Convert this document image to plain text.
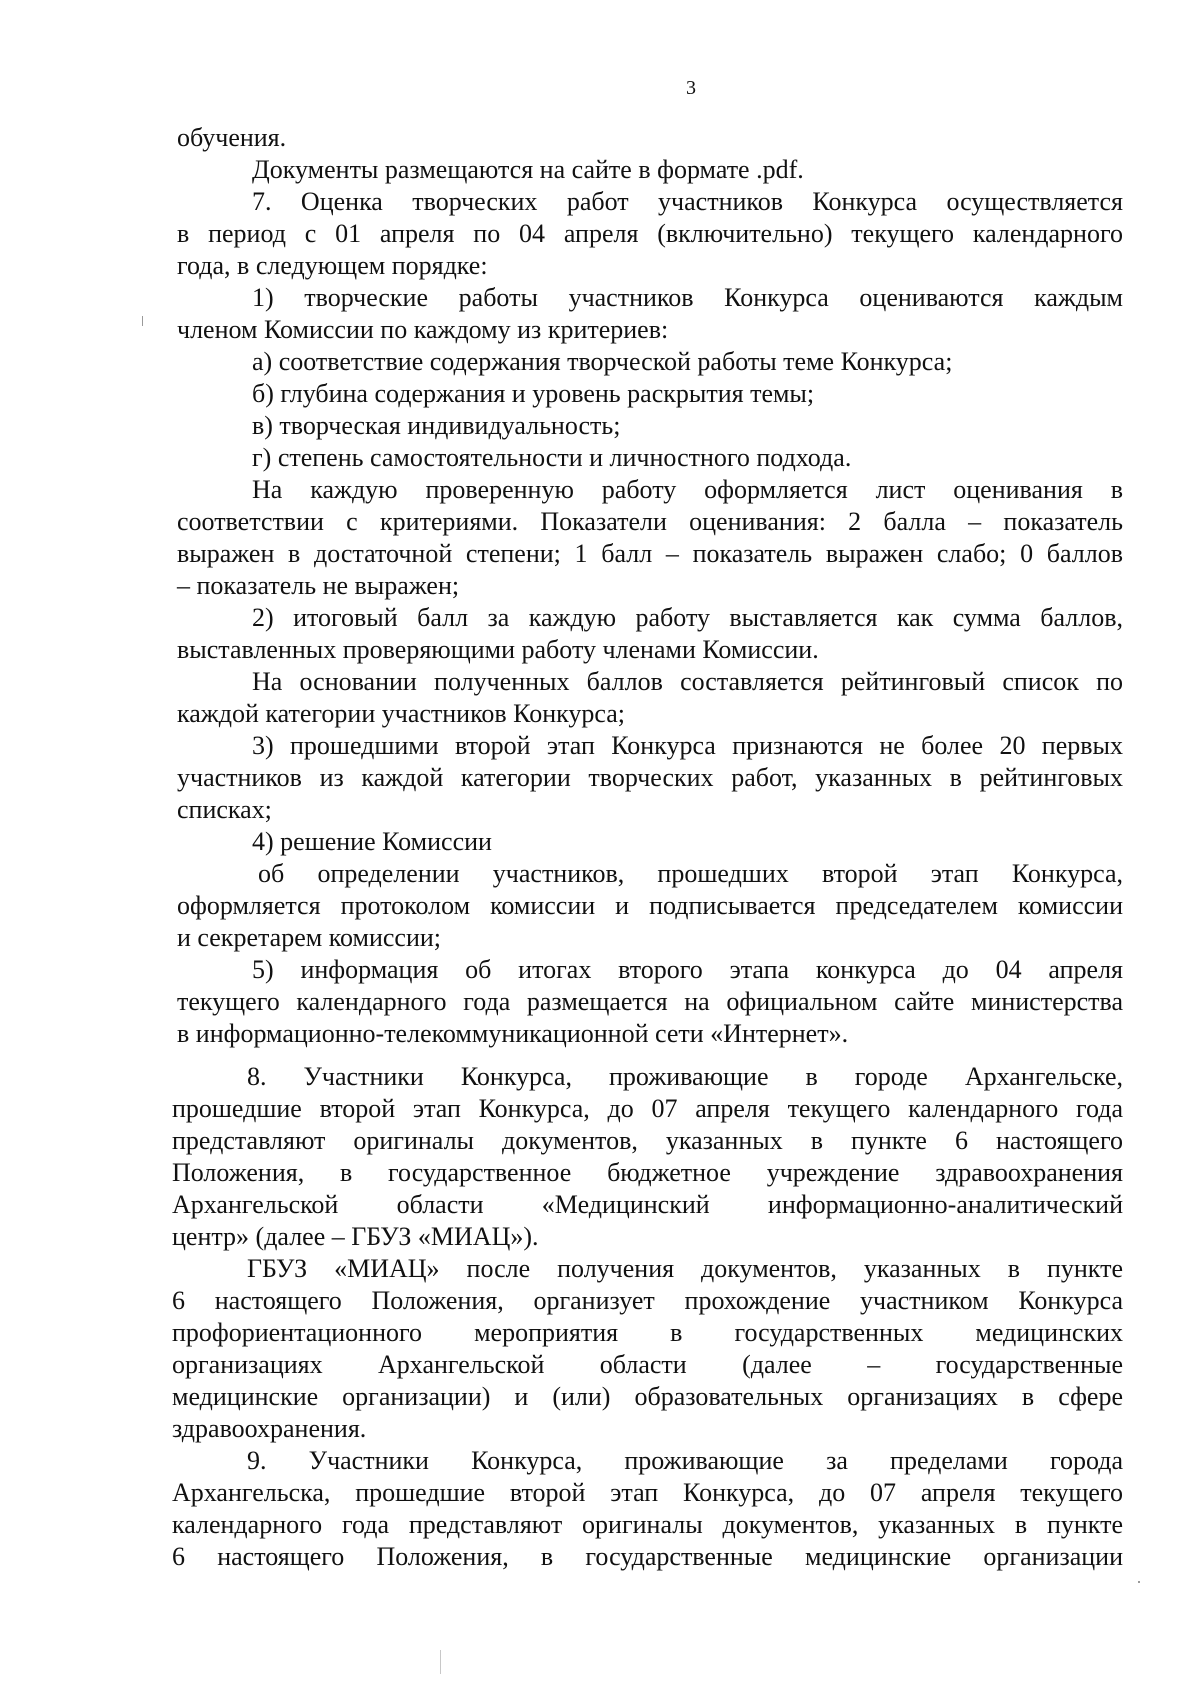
3
обучения.
Документы размещаются на сайте в формате .pdf.
7. Оценка творческих работ участников Конкурса осуществляется
в период с 01 апреля по 04 апреля (включительно) текущего календарного
года, в следующем порядке:
1) творческие работы участников Конкурса оцениваются каждым
членом Комиссии по каждому из критериев:
а) соответствие содержания творческой работы теме Конкурса;
б) глубина содержания и уровень раскрытия темы;
в) творческая индивидуальность;
г) степень самостоятельности и личностного подхода.
На каждую проверенную работу оформляется лист оценивания в
соответствии с критериями. Показатели оценивания: 2 балла – показатель
выражен в достаточной степени; 1 балл – показатель выражен слабо; 0 баллов
– показатель не выражен;
2) итоговый балл за каждую работу выставляется как сумма баллов,
выставленных проверяющими работу членами Комиссии.
На основании полученных баллов составляется рейтинговый список по
каждой категории участников Конкурса;
3) прошедшими второй этап Конкурса признаются не более 20 первых
участников из каждой категории творческих работ, указанных в рейтинговых
списках;
4) решение Комиссии
об определении участников, прошедших второй этап Конкурса,
оформляется протоколом комиссии и подписывается председателем комиссии
и секретарем комиссии;
5) информация об итогах второго этапа конкурса до 04 апреля
текущего календарного года размещается на официальном сайте министерства
в информационно-телекоммуникационной сети «Интернет».
8. Участники Конкурса, проживающие в городе Архангельске,
прошедшие второй этап Конкурса, до 07 апреля текущего календарного года
представляют оригиналы документов, указанных в пункте 6 настоящего
Положения, в государственное бюджетное учреждение здравоохранения
Архангельской области «Медицинский информационно-аналитический
центр» (далее – ГБУЗ «МИАЦ»).
ГБУЗ «МИАЦ» после получения документов, указанных в пункте
6 настоящего Положения, организует прохождение участником Конкурса
профориентационного мероприятия в государственных медицинских
организациях Архангельской области (далее – государственные
медицинские организации) и (или) образовательных организациях в сфере
здравоохранения.
9. Участники Конкурса, проживающие за пределами города
Архангельска, прошедшие второй этап Конкурса, до 07 апреля текущего
календарного года представляют оригиналы документов, указанных в пункте
6 настоящего Положения, в государственные медицинские организации
